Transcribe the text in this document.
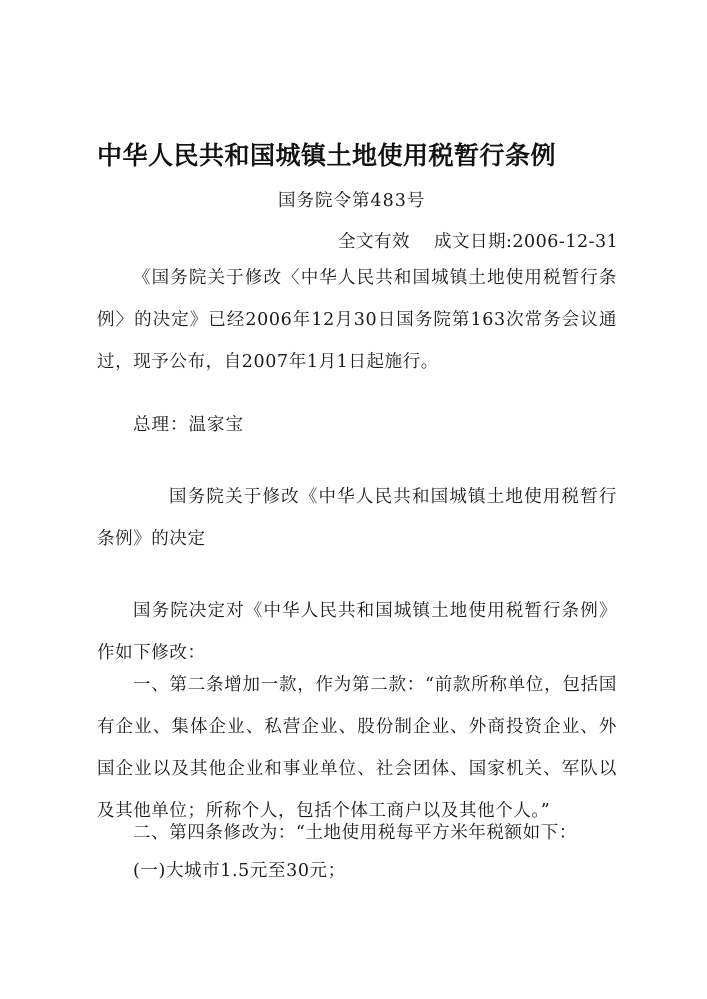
中华人民共和国城镇土地使用税暂行条例
国务院令第483号
全文有效 成文日期:2006-12-31
《国务院关于修改〈中华人民共和国城镇土地使用税暂行条例〉的决定》已经2006年12月30日国务院第163次常务会议通过，现予公布，自2007年1月1日起施行。
总理：温家宝
国务院关于修改《中华人民共和国城镇土地使用税暂行条例》的决定
国务院决定对《中华人民共和国城镇土地使用税暂行条例》作如下修改：
一、第二条增加一款，作为第二款：“前款所称单位，包括国有企业、集体企业、私营企业、股份制企业、外商投资企业、外国企业以及其他企业和事业单位、社会团体、国家机关、军队以及其他单位；所称个人，包括个体工商户以及其他个人。”
二、第四条修改为：“土地使用税每平方米年税额如下：
(一)大城市1.5元至30元；
